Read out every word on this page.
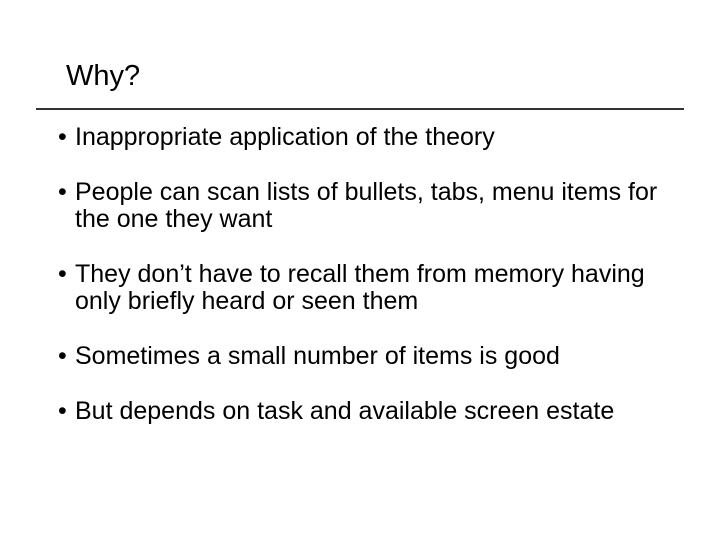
Why?
• Inappropriate application of the theory
• People can scan lists of bullets, tabs, menu items for the one they want
• They don’t have to recall them from memory having only briefly heard or seen them
• Sometimes a small number of items is good
• But depends on task and available screen estate
